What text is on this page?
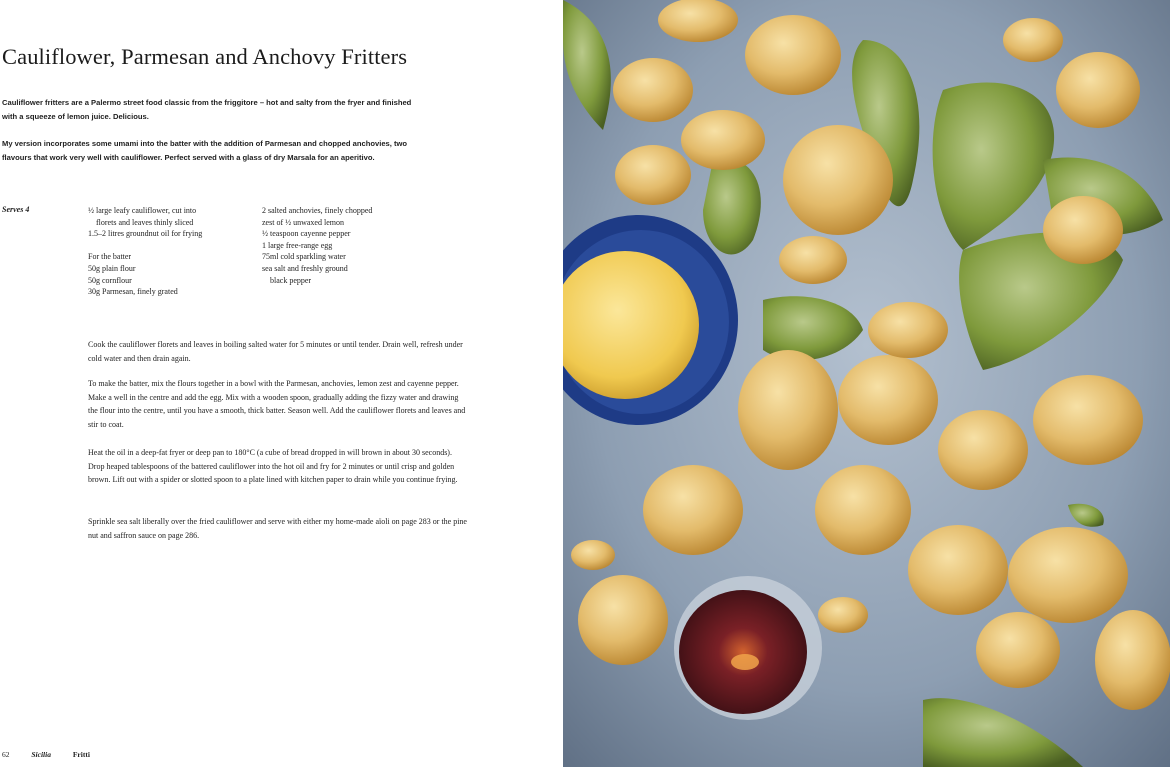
Cauliflower, Parmesan and Anchovy Fritters

Cauliflower fritters are a Palermo street food classic from the friggitore – hot and salty from the fryer and finished with a squeeze of lemon juice. Delicious.

My version incorporates some umami into the batter with the addition of Parmesan and chopped anchovies, two flavours that work very well with cauliflower. Perfect served with a glass of dry Marsala for an aperitivo.

Serves 4	½ large leafy cauliflower, cut into
florets and leaves thinly sliced
1.5–2 litres groundnut oil for frying
For the batter
50g plain flour
50g cornflour
30g Parmesan, finely grated
2 salted anchovies, finely chopped
zest of ½ unwaxed lemon
½ teaspoon cayenne pepper
1 large free-range egg
75ml cold sparkling water
sea salt and freshly ground
black pepper

Cook the cauliflower florets and leaves in boiling salted water for 5 minutes or until tender. Drain well, refresh under cold water and then drain again.

To make the batter, mix the flours together in a bowl with the Parmesan, anchovies, lemon zest and cayenne pepper. Make a well in the centre and add the egg. Mix with a wooden spoon, gradually adding the fizzy water and drawing the flour into the centre, until you have a smooth, thick batter. Season well. Add the cauliflower florets and leaves and stir to coat.

Heat the oil in a deep-fat fryer or deep pan to 180°C (a cube of bread dropped in will brown in about 30 seconds). Drop heaped tablespoons of the battered cauliflower into the hot oil and fry for 2 minutes or until crisp and golden brown. Lift out with a spider or slotted spoon to a plate lined with kitchen paper to drain while you continue frying.

Sprinkle sea salt liberally over the fried cauliflower and serve with either my home-made aïoli on page 283 or the pine nut and saffron sauce on page 286.

62	Sicilia	Fritti
